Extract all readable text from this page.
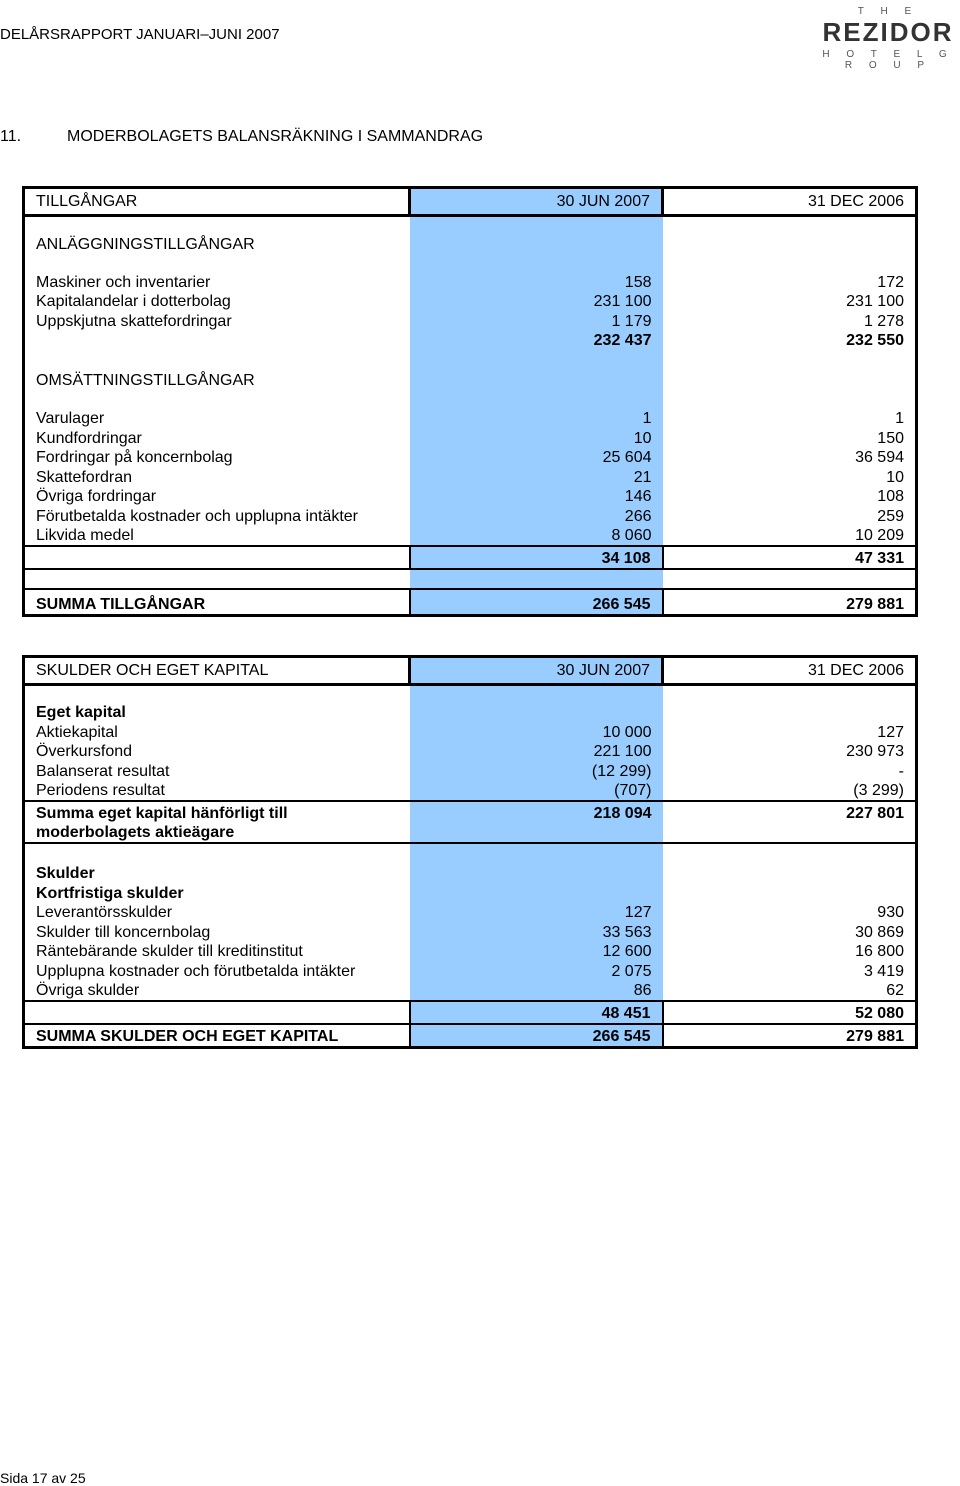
DELÅRSRAPPORT JANUARI–JUNI 2007
T H E
REZIDOR
H O T E L G R O U P
11.	MODERBOLAGETS BALANSRÄKNING I SAMMANDRAG
TILLGÅNGAR	30 JUN 2007	31 DEC 2006

ANLÄGGNINGSTILLGÅNGAR		

Maskiner och inventarier	158	172
Kapitalandelar i dotterbolag	231 100	231 100
Uppskjutna skattefordringar	1 179	1 278
	232 437	232 550

OMSÄTTNINGSTILLGÅNGAR		

Varulager	1	1
Kundfordringar	10	150
Fordringar på koncernbolag	25 604	36 594
Skattefordran	21	10
Övriga fordringar	146	108
Förutbetalda kostnader och upplupna intäkter	266	259
Likvida medel	8 060	10 209
	34 108	47 331

SUMMA TILLGÅNGAR	266 545	279 881
SKULDER OCH EGET KAPITAL	30 JUN 2007	31 DEC 2006

Eget kapital		
Aktiekapital	10 000	127
Överkursfond	221 100	230 973
Balanserat resultat	(12 299)	-
Periodens resultat	(707)	(3 299)
Summa eget kapital hänförligt till	218 094	227 801
moderbolagets aktieägare		

Skulder		
Kortfristiga skulder		
Leverantörsskulder	127	930
Skulder till koncernbolag	33 563	30 869
Räntebärande skulder till kreditinstitut	12 600	16 800
Upplupna kostnader och förutbetalda intäkter	2 075	3 419
Övriga skulder	86	62
	48 451	52 080
SUMMA SKULDER OCH EGET KAPITAL	266 545	279 881
Sida 17 av 25
